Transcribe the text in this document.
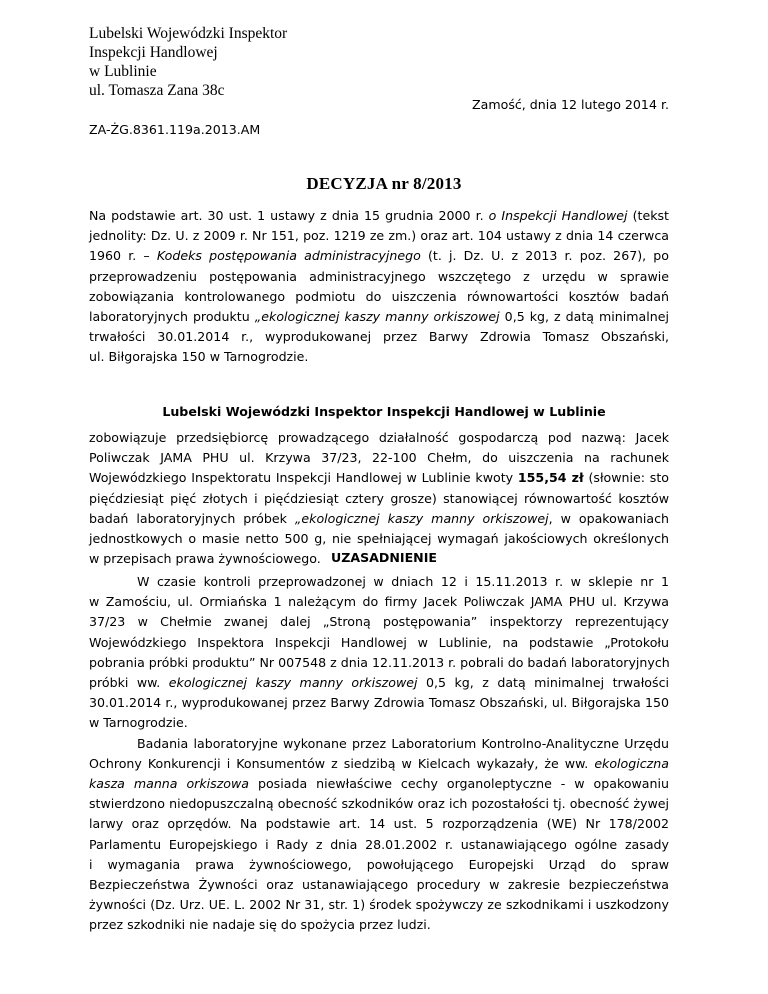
Lubelski Wojewódzki Inspektor
Inspekcji Handlowej
w Lublinie
ul. Tomasza Zana 38c
Zamość, dnia 12 lutego 2014 r.
ZA-ŻG.8361.119a.2013.AM
DECYZJA nr 8/2013
Na podstawie art. 30 ust. 1 ustawy z dnia 15 grudnia 2000 r. o Inspekcji Handlowej (tekst
jednolity: Dz. U. z 2009 r. Nr 151, poz. 1219 ze zm.) oraz art. 104 ustawy z dnia 14 czerwca
1960 r. – Kodeks postępowania administracyjnego (t. j. Dz. U. z 2013 r. poz. 267), po
przeprowadzeniu postępowania administracyjnego wszczętego z urzędu w sprawie
zobowiązania kontrolowanego podmiotu do uiszczenia równowartości kosztów badań
laboratoryjnych produktu „ekologicznej kaszy manny orkiszowej 0,5 kg, z datą minimalnej
trwałości 30.01.2014 r., wyprodukowanej przez Barwy Zdrowia Tomasz Obszański,
ul. Biłgorajska 150 w Tarnogrodzie.
Lubelski Wojewódzki Inspektor Inspekcji Handlowej w Lublinie
zobowiązuje przedsiębiorcę prowadzącego działalność gospodarczą pod nazwą: Jacek
Poliwczak JAMA PHU ul. Krzywa 37/23, 22-100 Chełm, do uiszczenia na rachunek
Wojewódzkiego Inspektoratu Inspekcji Handlowej w Lublinie kwoty 155,54 zł (słownie: sto
pięćdziesiąt pięć złotych i pięćdziesiąt cztery grosze) stanowiącej równowartość kosztów
badań laboratoryjnych próbek „ekologicznej kaszy manny orkiszowej, w opakowaniach
jednostkowych o masie netto 500 g, nie spełniającej wymagań jakościowych określonych
w przepisach prawa żywnościowego. UZASADNIENIE
W czasie kontroli przeprowadzonej w dniach 12 i 15.11.2013 r. w sklepie nr 1
w Zamościu, ul. Ormiańska 1 należącym do firmy Jacek Poliwczak JAMA PHU ul. Krzywa
37/23 w Chełmie zwanej dalej „Stroną postępowania” inspektorzy reprezentujący
Wojewódzkiego Inspektora Inspekcji Handlowej w Lublinie, na podstawie „Protokołu
pobrania próbki produktu” Nr 007548 z dnia 12.11.2013 r. pobrali do badań laboratoryjnych
próbki ww. ekologicznej kaszy manny orkiszowej 0,5 kg, z datą minimalnej trwałości
30.01.2014 r., wyprodukowanej przez Barwy Zdrowia Tomasz Obszański, ul. Biłgorajska 150
w Tarnogrodzie.
Badania laboratoryjne wykonane przez Laboratorium Kontrolno-Analityczne Urzędu
Ochrony Konkurencji i Konsumentów z siedzibą w Kielcach wykazały, że ww. ekologiczna
kasza manna orkiszowa posiada niewłaściwe cechy organoleptyczne - w opakowaniu
stwierdzono niedopuszczalną obecność szkodników oraz ich pozostałości tj. obecność żywej
larwy oraz oprzędów. Na podstawie art. 14 ust. 5 rozporządzenia (WE) Nr 178/2002
Parlamentu Europejskiego i Rady z dnia 28.01.2002 r. ustanawiającego ogólne zasady
i wymagania prawa żywnościowego, powołującego Europejski Urząd do spraw
Bezpieczeństwa Żywności oraz ustanawiającego procedury w zakresie bezpieczeństwa
żywności (Dz. Urz. UE. L. 2002 Nr 31, str. 1) środek spożywczy ze szkodnikami i uszkodzony
przez szkodniki nie nadaje się do spożycia przez ludzi.
